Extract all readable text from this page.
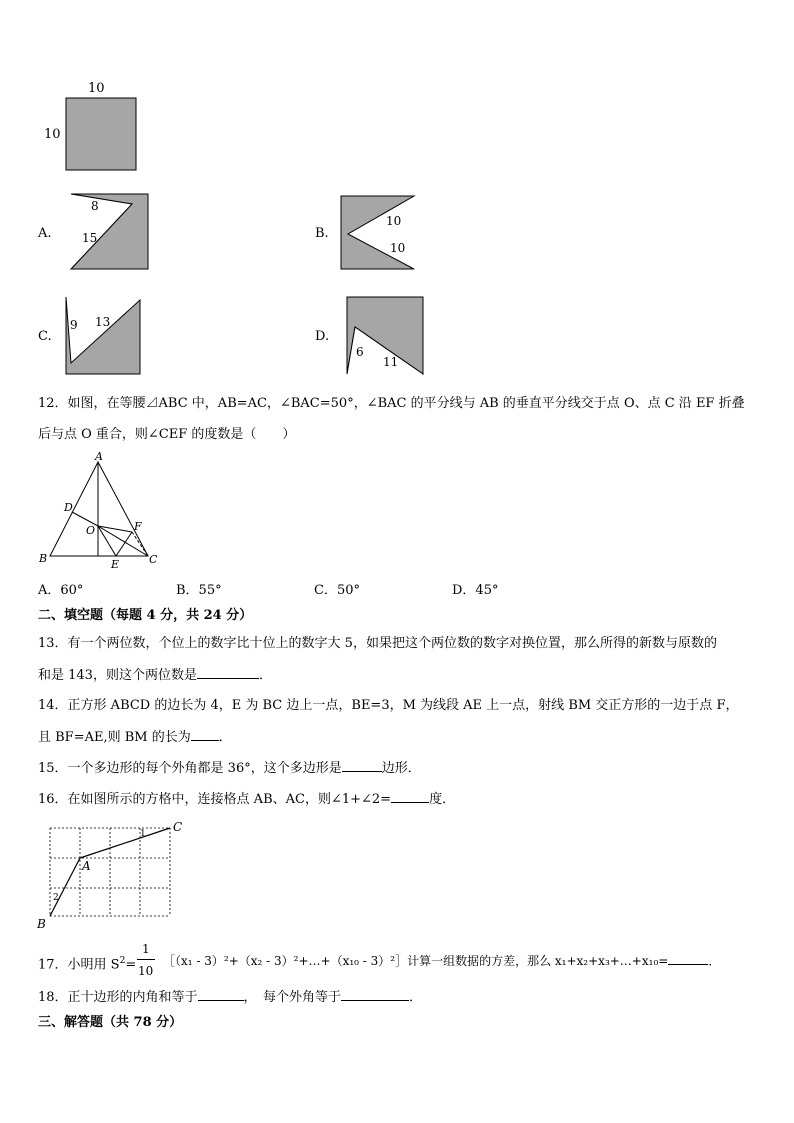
10
10
A.
8
15	B.
10
10
C.
9 13
D.
6
11
12．如图，在等腰⊿ABC 中，AB=AC，∠BAC=50°，∠BAC 的平分线与 AB 的垂直平分线交于点 O、点 C 沿 EF 折叠
后与点 O 重合，则∠CEF 的度数是（　　）
A
B	C
D
E
F
O
A．60°	B．55°	C．50°	D．45°
二、填空题（每题 4 分，共 24 分）
13．有一个两位数，个位上的数字比十位上的数字大 5，如果把这个两位数的数字对换位置，那么所得的新数与原数的
和是 143，则这个两位数是	．
14．正方形 ABCD 的边长为 4，E 为 BC 边上一点，BE=3，M 为线段 AE 上一点，射线 BM 交正方形的一边于点 F，
且 BF=AE,则 BM 的长为 ．
15．一个多边形的每个外角都是 36°，这个多边形是	边形．
16．在如图所示的方格中，连接格点 AB、AC，则∠1+∠2=	度．
A
B
C
1
2
17．小明用 $S^2=$
1
10
［（x₁ - 3）²+（x₂ - 3）²+…+（x₁₀ - 3）²］计算一组数据的方差，那么 x₁+x₂+x₃+…+x₁₀=	．
18．正十边形的内角和等于	，　每个外角等于	．
三、解答题（共 78 分）
